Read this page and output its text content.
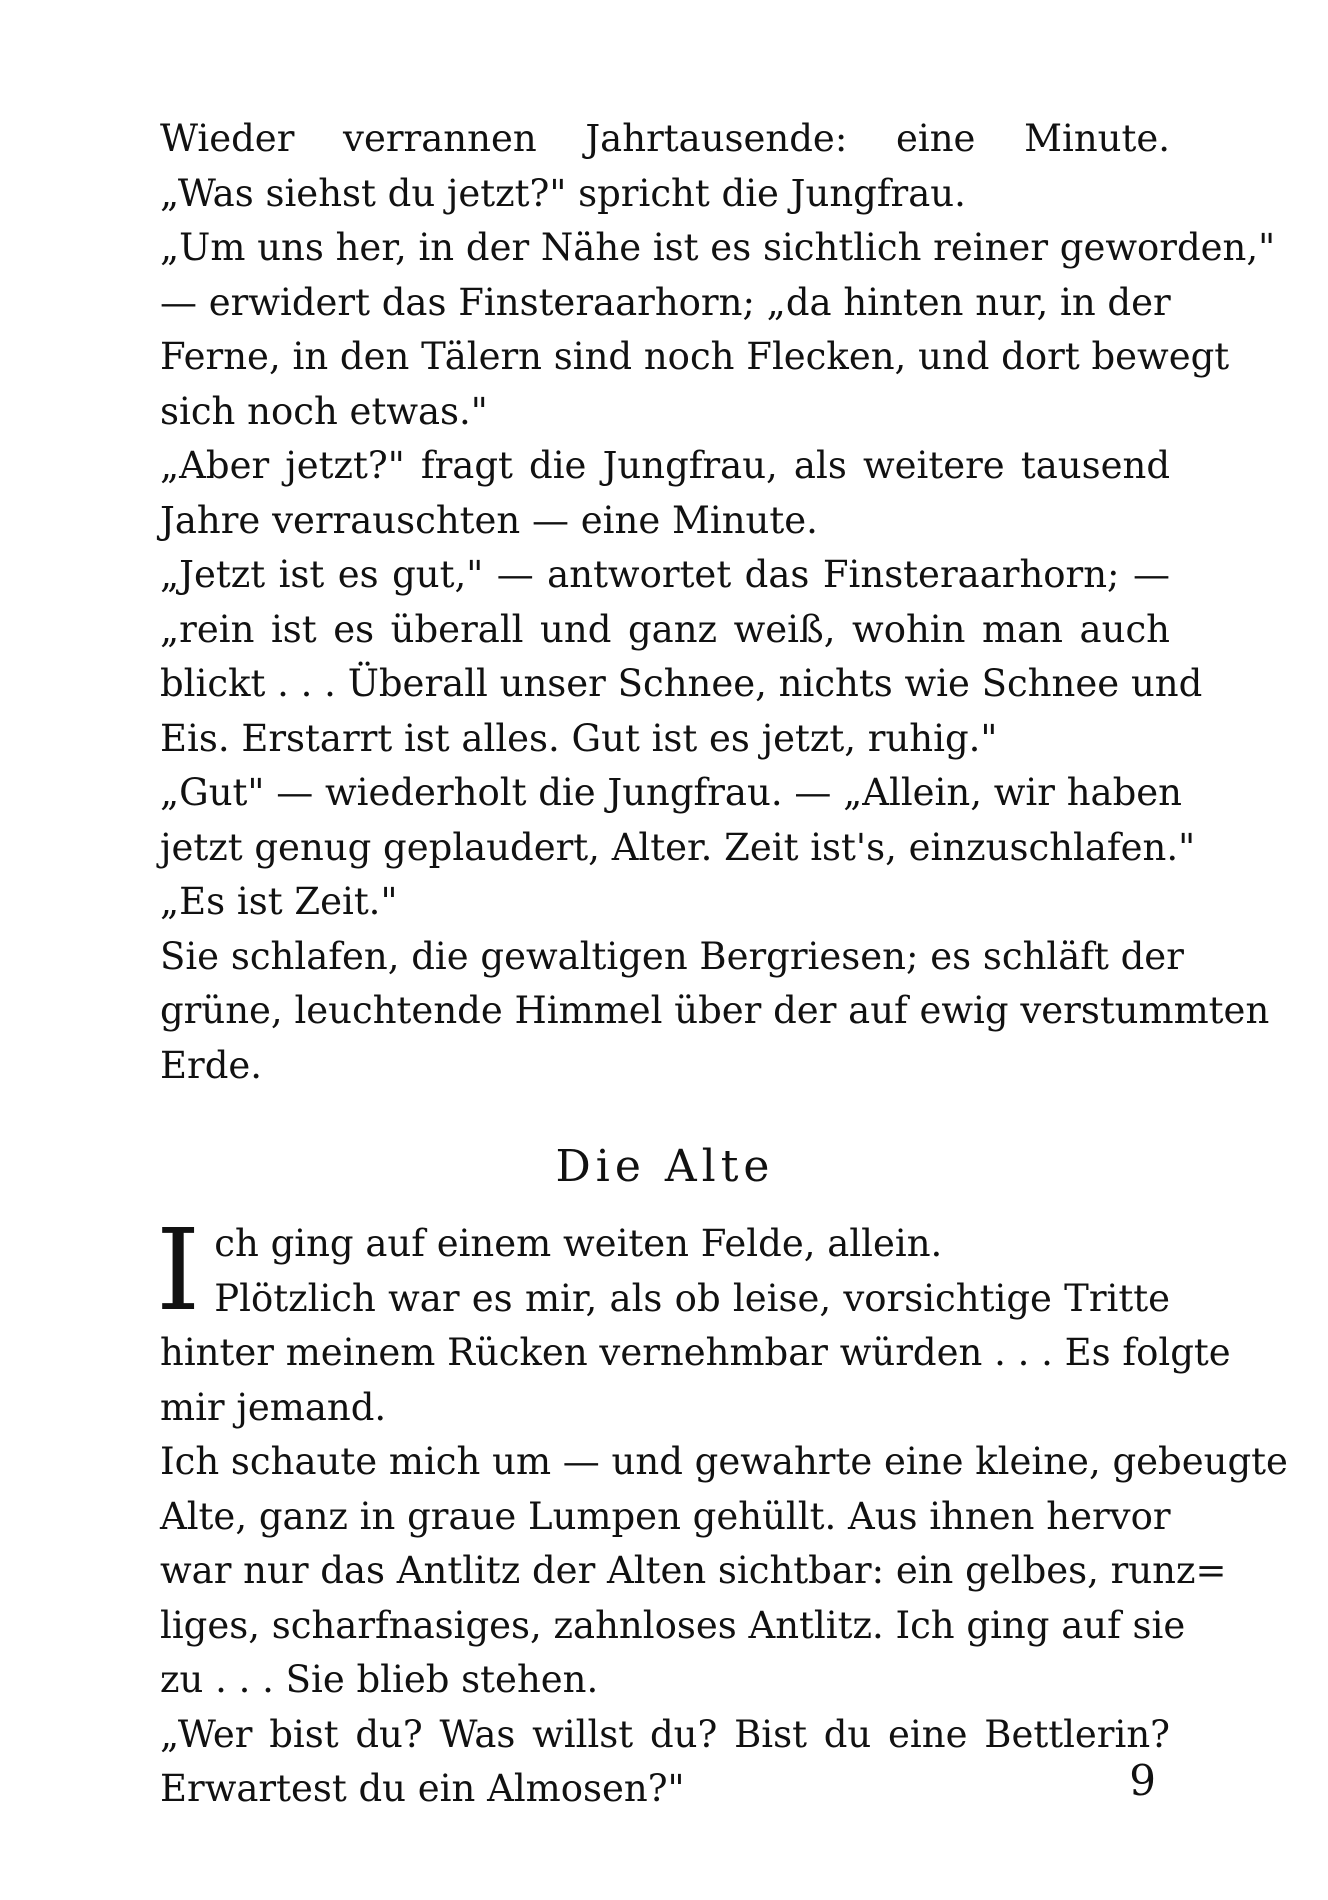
Wieder verrannen Jahrtausende: eine Minute.
„Was siehst du jetzt?" spricht die Jungfrau.
„Um uns her, in der Nähe ist es sichtlich reiner geworden,"
— erwidert das Finsteraarhorn; „da hinten nur, in der
Ferne, in den Tälern sind noch Flecken, und dort bewegt
sich noch etwas."
„Aber jetzt?" fragt die Jungfrau, als weitere tausend
Jahre verrauschten — eine Minute.
„Jetzt ist es gut," — antwortet das Finsteraarhorn; —
„rein ist es überall und ganz weiß, wohin man auch
blickt . . . Überall unser Schnee, nichts wie Schnee und
Eis. Erstarrt ist alles. Gut ist es jetzt, ruhig."
„Gut" — wiederholt die Jungfrau. — „Allein, wir haben
jetzt genug geplaudert, Alter. Zeit ist's, einzuschlafen."
„Es ist Zeit."
Sie schlafen, die gewaltigen Bergriesen; es schläft der
grüne, leuchtende Himmel über der auf ewig verstummten
Erde.
Die Alte
I ch ging auf einem weiten Felde, allein.
Plötzlich war es mir, als ob leise, vorsichtige Tritte
hinter meinem Rücken vernehmbar würden . . . Es folgte
mir jemand.
Ich schaute mich um — und gewahrte eine kleine, gebeugte
Alte, ganz in graue Lumpen gehüllt. Aus ihnen hervor
war nur das Antlitz der Alten sichtbar: ein gelbes, runz=
liges, scharfnasiges, zahnloses Antlitz. Ich ging auf sie
zu . . . Sie blieb stehen.
„Wer bist du? Was willst du? Bist du eine Bettlerin?
Erwartest du ein Almosen?"	9
